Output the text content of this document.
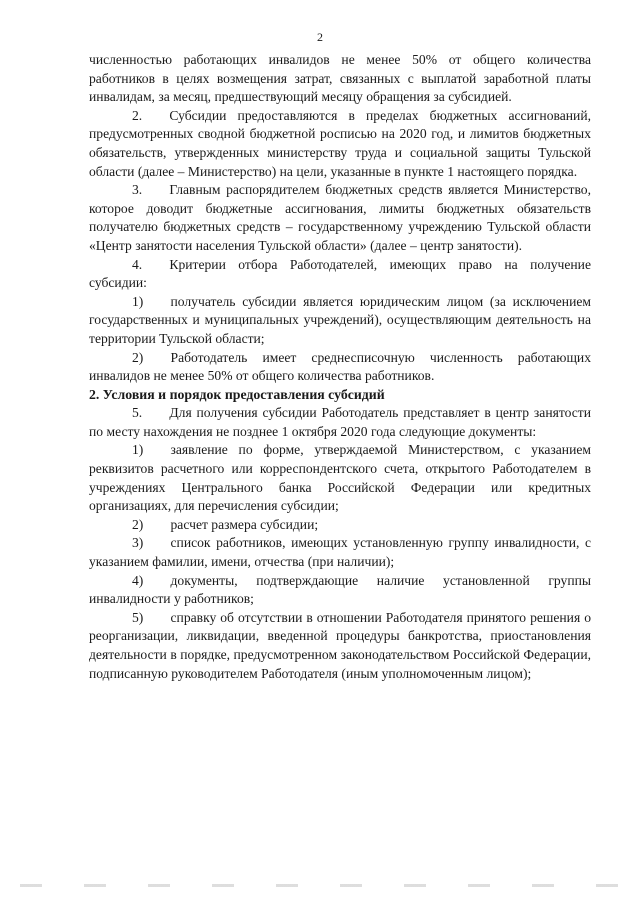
2

численностью работающих инвалидов не менее 50% от общего количества работников в целях возмещения затрат, связанных с выплатой заработной платы инвалидам, за месяц, предшествующий месяцу обращения за субсидией.

2.  Субсидии предоставляются в пределах бюджетных ассигнований, предусмотренных сводной бюджетной росписью на 2020 год, и лимитов бюджетных обязательств, утвержденных министерству труда и социальной защиты Тульской области (далее – Министерство) на цели, указанные в пункте 1 настоящего порядка.

3.  Главным распорядителем бюджетных средств является Министерство, которое доводит бюджетные ассигнования, лимиты бюджетных обязательств получателю бюджетных средств – государственному учреждению Тульской области «Центр занятости населения Тульской области» (далее – центр занятости).

4.  Критерии отбора Работодателей, имеющих право на получение субсидии:

1)  получатель субсидии является юридическим лицом (за исключением государственных и муниципальных учреждений), осуществляющим деятельность на территории Тульской области;

2)  Работодатель имеет среднесписочную численность работающих инвалидов не менее 50% от общего количества работников.

2. Условия и порядок предоставления субсидий

5.  Для получения субсидии Работодатель представляет в центр занятости по месту нахождения не позднее 1 октября 2020 года следующие документы:

1)  заявление по форме, утверждаемой Министерством, с указанием реквизитов расчетного или корреспондентского счета, открытого Работодателем в учреждениях Центрального банка Российской Федерации или кредитных организациях, для перечисления субсидии;

2)  расчет размера субсидии;

3)  список работников, имеющих установленную группу инвалидности, с указанием фамилии, имени, отчества (при наличии);

4)  документы, подтверждающие наличие установленной группы инвалидности у работников;

5)  справку об отсутствии в отношении Работодателя принятого решения о реорганизации, ликвидации, введенной процедуры банкротства, приостановления деятельности в порядке, предусмотренном законодательством Российской Федерации, подписанную руководителем Работодателя (иным уполномоченным лицом);
